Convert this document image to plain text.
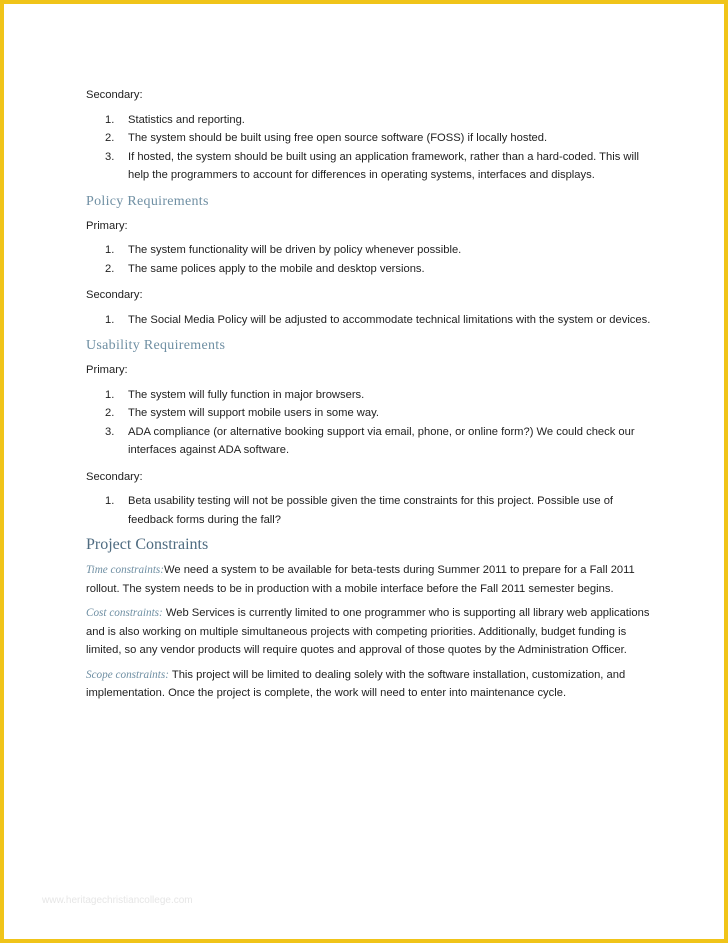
Secondary:

1. Statistics and reporting.
2. The system should be built using free open source software (FOSS) if locally hosted.
3. If hosted, the system should be built using an application framework, rather than a hard-coded. This will help the programmers to account for differences in operating systems, interfaces and displays.
Policy Requirements

Primary:

1. The system functionality will be driven by policy whenever possible.
2. The same polices apply to the mobile and desktop versions.

Secondary:

1. The Social Media Policy will be adjusted to accommodate technical limitations with the system or devices.
Usability Requirements

Primary:

1. The system will fully function in major browsers.
2. The system will support mobile users in some way.
3. ADA compliance (or alternative booking support via email, phone, or online form?) We could check our interfaces against ADA software.

Secondary:

1. Beta usability testing will not be possible given the time constraints for this project. Possible use of feedback forms during the fall?
Project Constraints

Time constraints:We need a system to be available for beta-tests during Summer 2011 to prepare for a Fall 2011 rollout. The system needs to be in production with a mobile interface before the Fall 2011 semester begins.

Cost constraints: Web Services is currently limited to one programmer who is supporting all library web applications and is also working on multiple simultaneous projects with competing priorities. Additionally, budget funding is limited, so any vendor products will require quotes and approval of those quotes by the Administration Officer.

Scope constraints: This project will be limited to dealing solely with the software installation, customization, and implementation. Once the project is complete, the work will need to enter into maintenance cycle.

www.heritagechristiancollege.com
